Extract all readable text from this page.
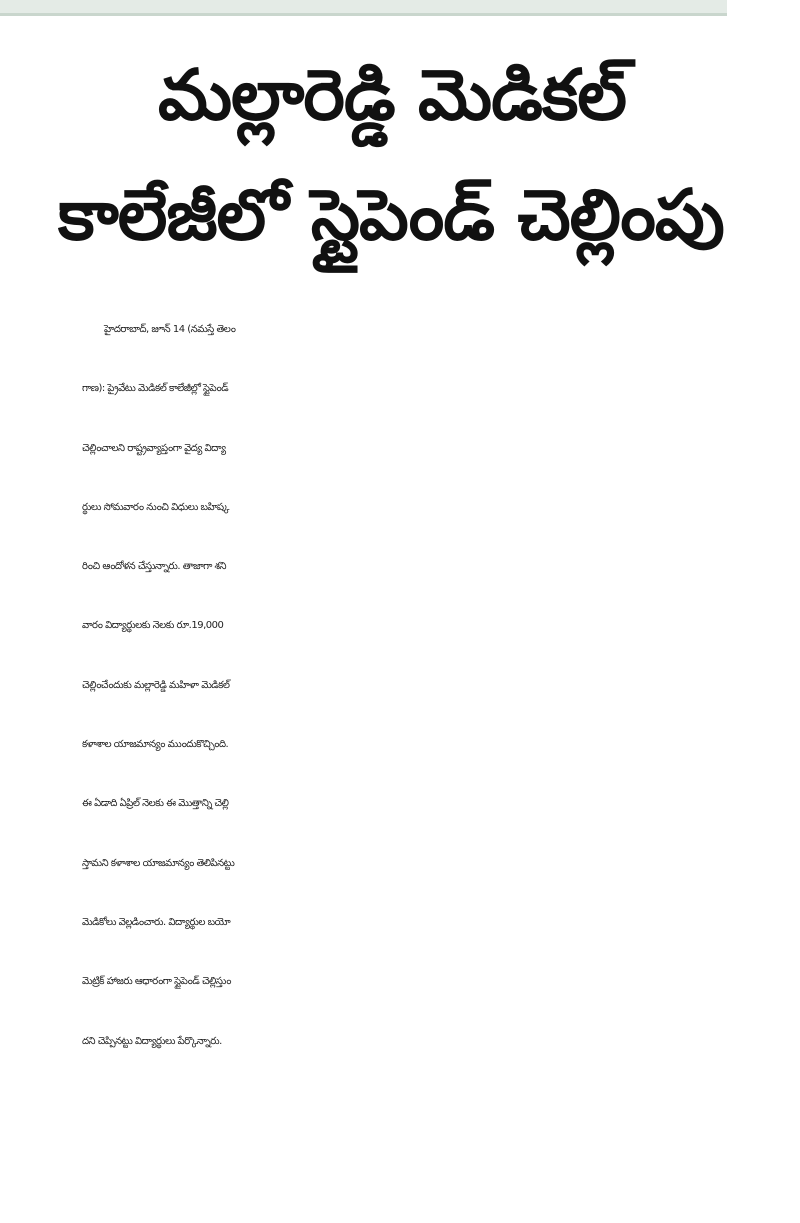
మల్లారెడ్డి మెడికల్
కాలేజీలో స్టైపెండ్ చెల్లింపు
హైదరాబాద్, జూన్ 14 (నమస్తే తెలం
గాణ): ప్రైవేటు మెడికల్ కాలేజీల్లో స్టైపెండ్
చెల్లించాలని రాష్ట్రవ్యాప్తంగా వైద్య విద్యా
ర్థులు సోమవారం నుంచి విధులు బహిష్క
రించి ఆందోళన చేస్తున్నారు. తాజాగా శని
వారం విద్యార్థులకు నెలకు రూ.19,000
చెల్లించేందుకు మల్లారెడ్డి మహిళా మెడికల్
కళాశాల యాజమాన్యం ముందుకొచ్చింది.
ఈ ఏడాది ఏప్రిల్ నెలకు ఈ మొత్తాన్ని చెల్లి
స్తామని కళాశాల యాజమాన్యం తెలిపినట్టు
మెడికోలు వెల్లడించారు. విద్యార్థుల బయో
మెట్రిక్ హాజరు ఆధారంగా స్టైపెండ్ చెల్లిస్తుం
దని చెప్పినట్టు విద్యార్థులు పేర్కొన్నారు.
